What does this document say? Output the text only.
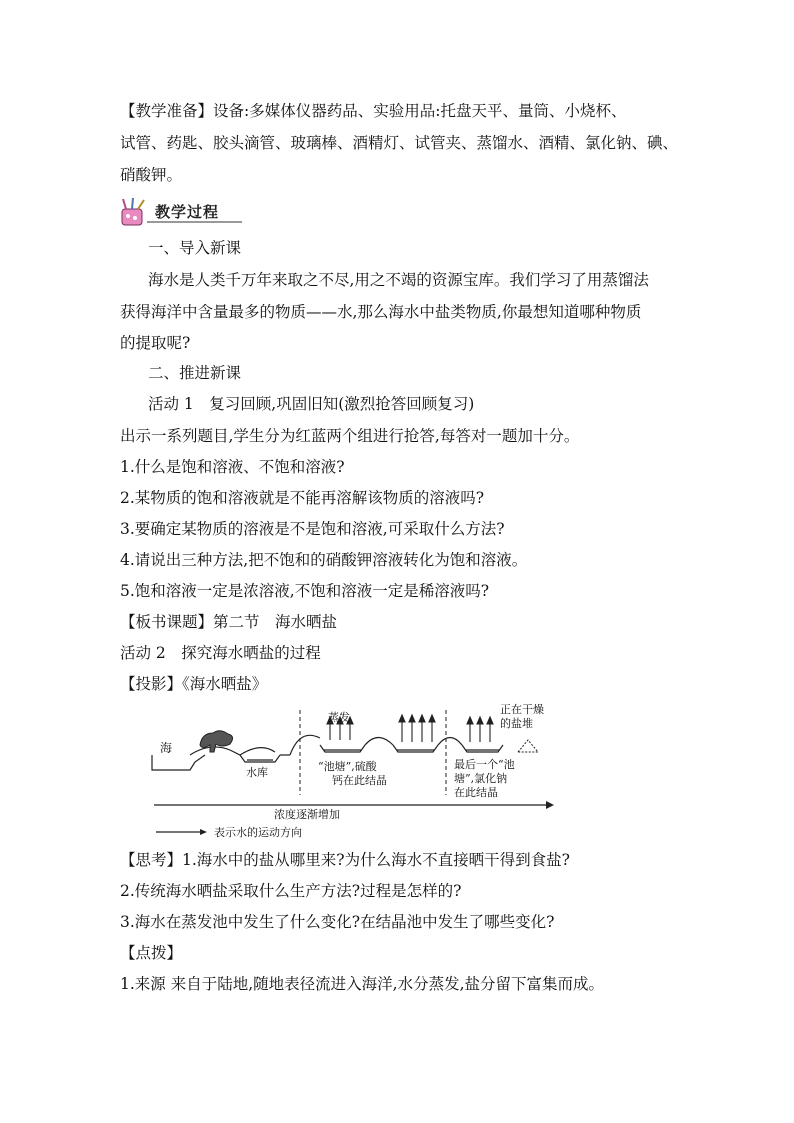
【教学准备】设备:多媒体仪器药品、实验用品:托盘天平、量筒、小烧杯、
试管、药匙、胶头滴管、玻璃棒、酒精灯、试管夹、蒸馏水、酒精、氯化钠、碘、
硝酸钾。
教学过程
一、导入新课
海水是人类千万年来取之不尽,用之不竭的资源宝库。我们学习了用蒸馏法
获得海洋中含量最多的物质——水,那么海水中盐类物质,你最想知道哪种物质
的提取呢?
二、推进新课
活动 1　复习回顾,巩固旧知(激烈抢答回顾复习)
出示一系列题目,学生分为红蓝两个组进行抢答,每答对一题加十分。
1.什么是饱和溶液、不饱和溶液?
2.某物质的饱和溶液就是不能再溶解该物质的溶液吗?
3.要确定某物质的溶液是不是饱和溶液,可采取什么方法?
4.请说出三种方法,把不饱和的硝酸钾溶液转化为饱和溶液。
5.饱和溶液一定是浓溶液,不饱和溶液一定是稀溶液吗?
【板书课题】第二节　海水晒盐
活动 2　探究海水晒盐的过程
【投影】《海水晒盐》
海
水库
蒸发
正在干燥
的盐堆
“池塘”,硫酸
钙在此结晶
最后一个“池
塘”,氯化钠
在此结晶
浓度逐渐增加
表示水的运动方向
【思考】1.海水中的盐从哪里来?为什么海水不直接晒干得到食盐?
2.传统海水晒盐采取什么生产方法?过程是怎样的?
3.海水在蒸发池中发生了什么变化?在结晶池中发生了哪些变化?
【点拨】
1.来源 来自于陆地,随地表径流进入海洋,水分蒸发,盐分留下富集而成。
